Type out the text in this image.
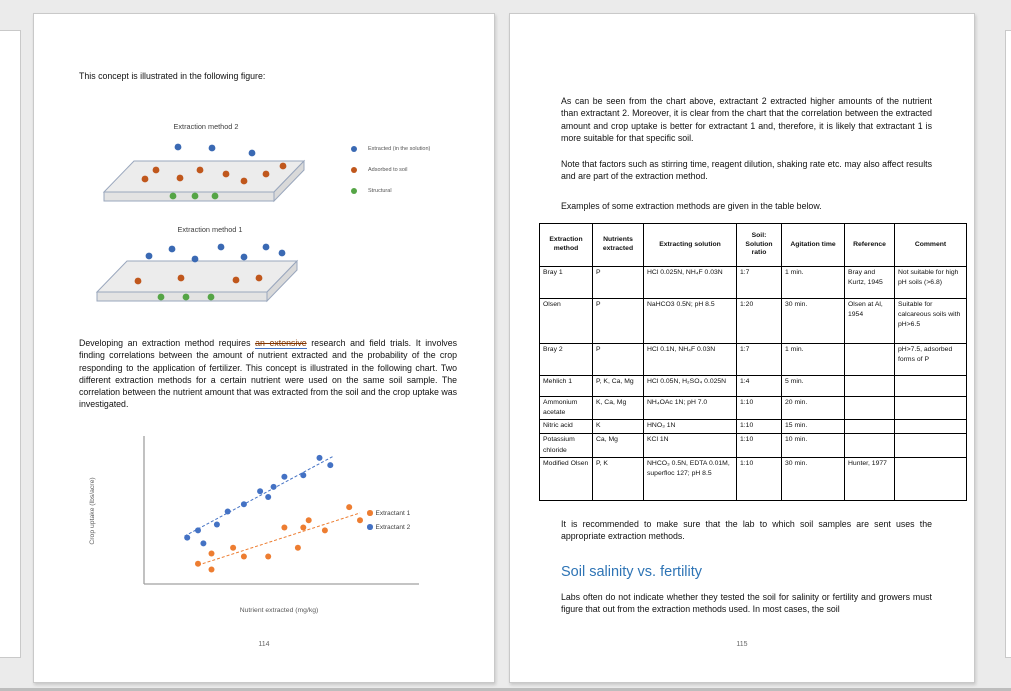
This concept is illustrated in the following figure:
Extraction method 2
Extracted (in the solution)
Adsorbed to soil
Structural
Extraction method 1
Developing an extraction method requires an extensive research and field trials. It involves finding correlations between the amount of nutrient extracted and the probability of the crop responding to the application of fertilizer. This concept is illustrated in the following chart. Two different extraction methods for a certain nutrient were used on the same soil sample. The correlation between the nutrient amount that was extracted from the soil and the crop uptake was investigated.
Nutrient extracted (mg/kg)
Crop uptake (lbs/acre)	Extractant 1
Extractant 2
114
As can be seen from the chart above, extractant 2 extracted higher amounts of the nutrient than extractant 2. Moreover, it is clear from the chart that the correlation between the extracted amount and crop uptake is better for extractant 1 and, therefore, it is likely that extractant 1 is more suitable for that specific soil.
Note that factors such as stirring time, reagent dilution, shaking rate etc. may also affect results and are part of the extraction method.
Examples of some extraction methods are given in the table below.
Extraction method	Nutrients extracted	Extracting solution	Soil: Solution ratio	Agitation time	Reference	Comment
Bray 1	P	HCl 0.025N, NH₄F 0.03N	1:7	1 min.	Bray and Kurtz, 1945	Not suitable for high pH soils (>6.8)
Olsen	P	NaHCO3 0.5N; pH 8.5	1:20	30 min.	Olsen at Al, 1954	Suitable for calcareous soils with pH>6.5
Bray 2	P	HCl 0.1N, NH₄F 0.03N	1:7	1 min.		pH>7.5, adsorbed forms of P
Mehlich 1	P, K, Ca, Mg	HCl 0.05N, H₂SO₄ 0.025N	1:4	5 min.		
Ammonium acetate	K, Ca, Mg	NH₄OAc 1N; pH 7.0	1:10	20 min.		
Nitric acid	K	HNO₃ 1N	1:10	15 min.		
Potassium chloride	Ca, Mg	KCl 1N	1:10	10 min.		
Modified Olsen	P, K	NHCO₃ 0.5N, EDTA 0.01M, superfloc 127; pH 8.5	1:10	30 min.	Hunter, 1977	
It is recommended to make sure that the lab to which soil samples are sent uses the appropriate extraction methods.
Soil salinity vs. fertility
Labs often do not indicate whether they tested the soil for salinity or fertility and growers must figure that out from the extraction methods used. In most cases, the soil
115
